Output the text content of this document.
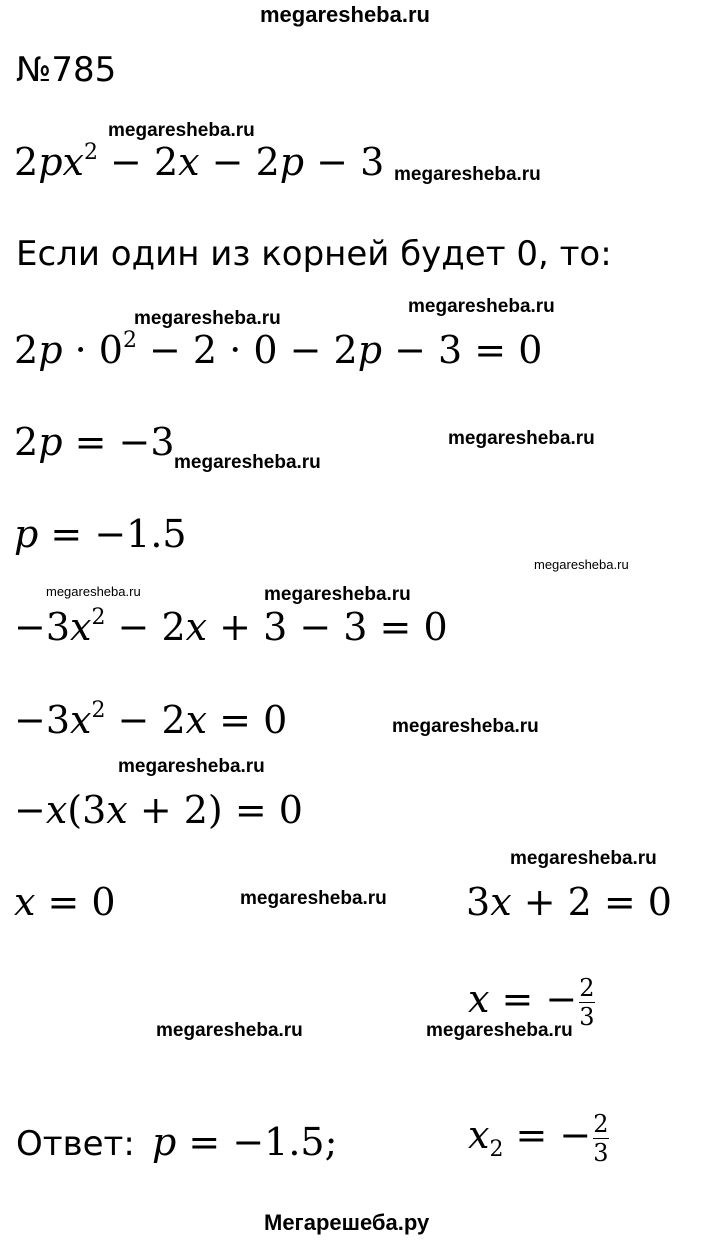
megaresheba.ru
№785
$2px^2 - 2x - 2p - 3$
Если один из корней будет 0, то:
$2p \cdot 0^2 - 2 \cdot 0 - 2p - 3 = 0$
2p = −3
p = −1.5
$-3x^2 - 2x + 3 - 3 = 0$
$-3x^2 - 2x = 0$
−x(3x + 2) = 0
x = 0	3x + 2 = 0
x = − $\frac{2}{3}$
Ответ: p = −1.5;	$x_2$ = − $\frac{2}{3}$
megaresheba.ru
megaresheba.ru
megaresheba.ru
megaresheba.ru
megaresheba.ru
megaresheba.ru
megaresheba.ru
megaresheba.ru	megaresheba.ru
megaresheba.ru
megaresheba.ru
megaresheba.ru
megaresheba.ru
megaresheba.ru	megaresheba.ru
Мегарешеба.ру
